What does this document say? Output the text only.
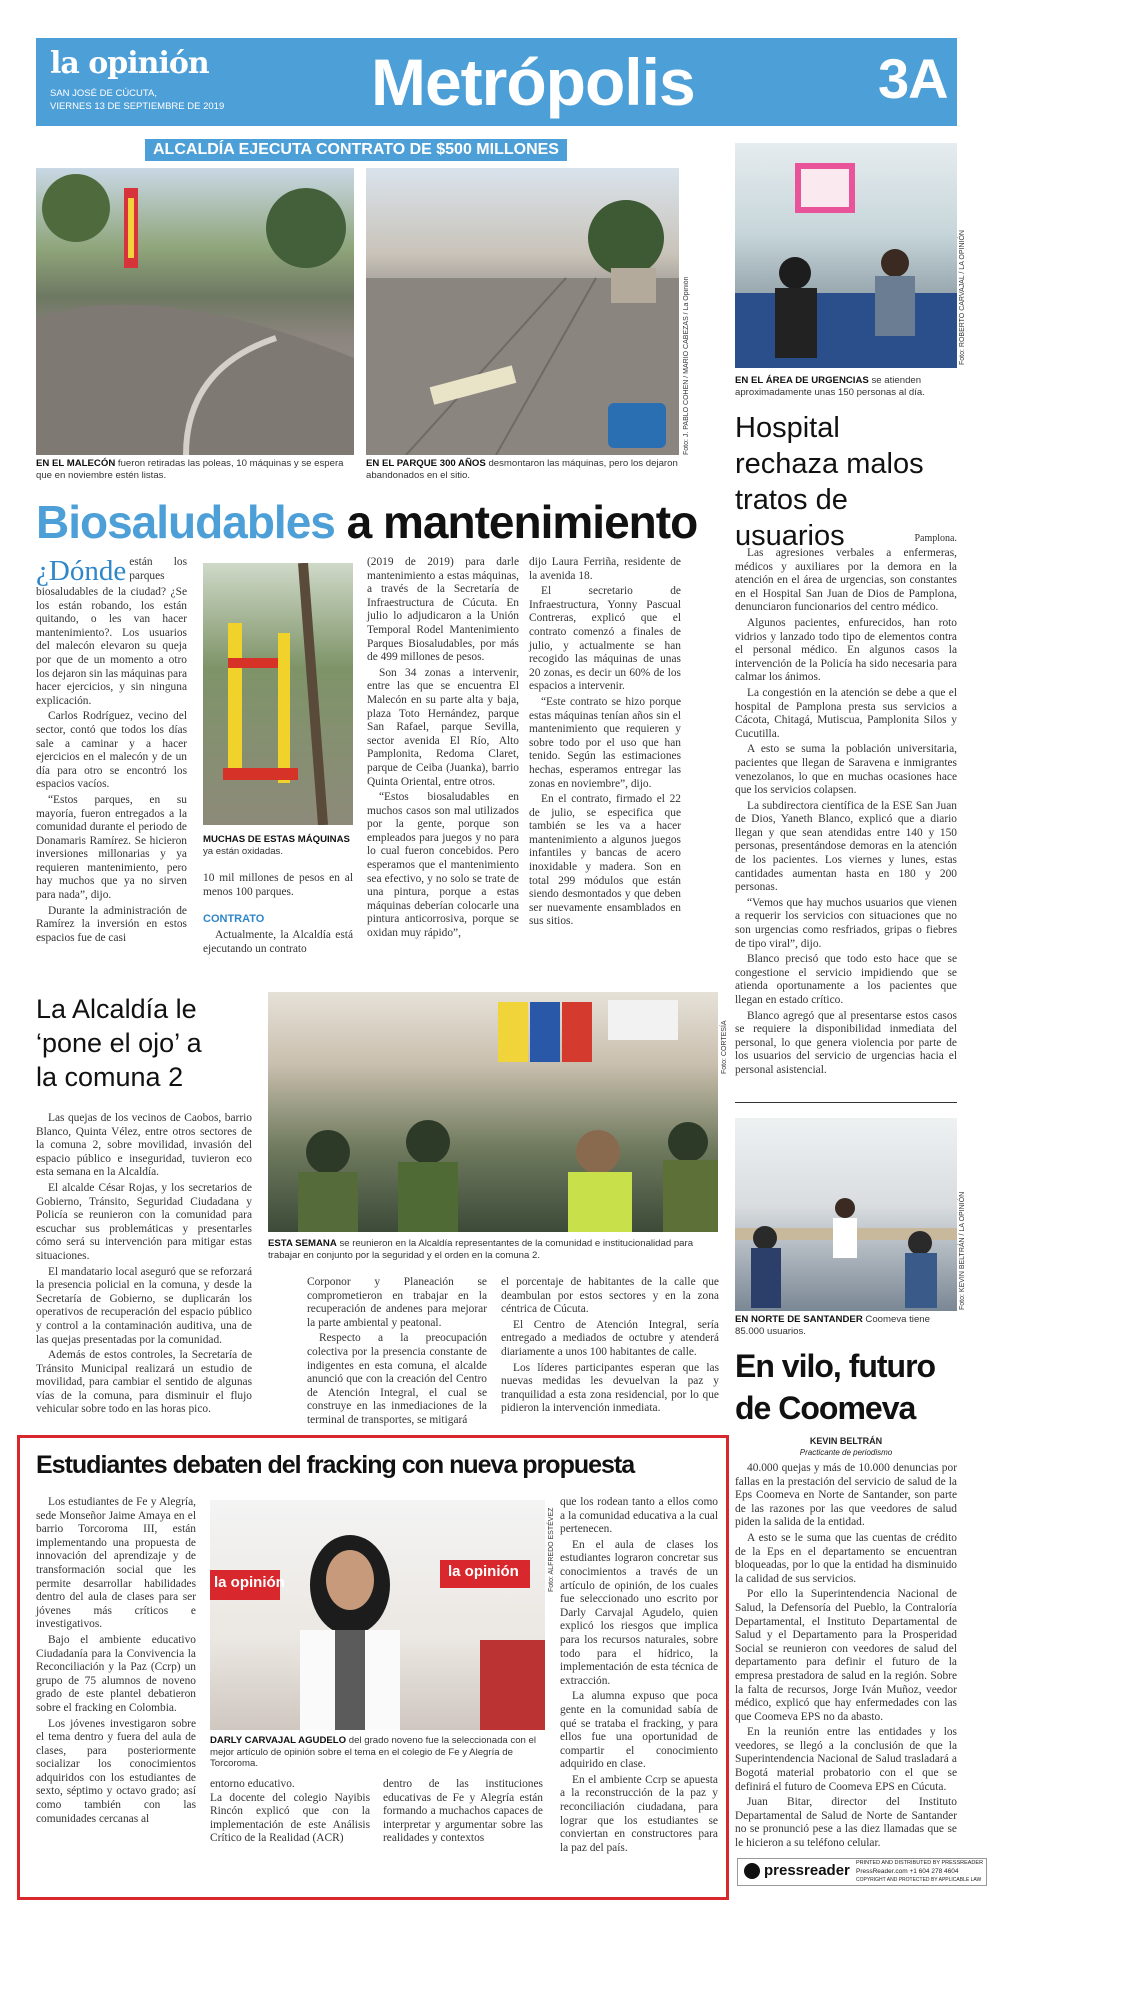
la opinión
SAN JOSÉ DE CÚCUTA,
VIERNES 13 DE SEPTIEMBRE DE 2019 Metrópolis	3A
ALCALDÍA EJECUTA CONTRATO DE $500 MILLONES
EN EL MALECÓN fueron retiradas las poleas, 10 máquinas y se espera que en noviembre estén listas.
Foto: J. PABLO COHEN / MARIO CABEZAS / La Opinión
EN EL PARQUE 300 AÑOS desmontaron las máquinas, pero los dejaron abandonados en el sitio.
Biosaludables a mantenimiento
¿Dónde están los parques biosaludables de la ciudad? ¿Se los están robando, los están quitando, o les van hacer mantenimiento?. Los usuarios del malecón elevaron su queja por que de un momento a otro los dejaron sin las máquinas para hacer ejercicios, y sin ninguna explicación.

Carlos Rodríguez, vecino del sector, contó que todos los días sale a caminar y a hacer ejercicios en el malecón y de un día para otro se encontró los espacios vacíos.

“Estos parques, en su mayoría, fueron entregados a la comunidad durante el periodo de Donamaris Ramírez. Se hicieron inversiones millonarias y ya requieren mantenimiento, pero hay muchos que ya no sirven para nada”, dijo.

Durante la administración de Ramírez la inversión en estos espacios fue de casi

MUCHAS DE ESTAS MÁQUINAS ya están oxidadas.

10 mil millones de pesos en al menos 100 parques.

CONTRATO

Actualmente, la Alcaldía está ejecutando un contrato

(2019 de 2019) para darle mantenimiento a estas máquinas, a través de la Secretaría de Infraestructura de Cúcuta. En julio lo adjudicaron a la Unión Temporal Rodel Mantenimiento Parques Biosaludables, por más de 499 millones de pesos.

Son 34 zonas a intervenir, entre las que se encuentra El Malecón en su parte alta y baja, plaza Toto Hernández, parque San Rafael, parque Sevilla, sector avenida El Río, Alto Pamplonita, Redoma Claret, parque de Ceiba (Juanka), barrio Quinta Oriental, entre otros.

“Estos biosaludables en muchos casos son mal utilizados por la gente, porque son empleados para juegos y no para lo cual fueron concebidos. Pero esperamos que el mantenimiento sea efectivo, y no solo se trate de una pintura, porque a estas máquinas deberían colocarle una pintura anticorrosiva, porque se oxidan muy rápido”,

dijo Laura Ferriña, residente de la avenida 18.

El secretario de Infraestructura, Yonny Pascual Contreras, explicó que el contrato comenzó a finales de julio, y actualmente se han recogido las máquinas de unas 20 zonas, es decir un 60% de los espacios a intervenir.

“Este contrato se hizo porque estas máquinas tenían años sin el mantenimiento que requieren y sobre todo por el uso que han tenido. Según las estimaciones hechas, esperamos entregar las zonas en noviembre”, dijo.

En el contrato, firmado el 22 de julio, se especifica que también se les va a hacer mantenimiento a algunos juegos infantiles y bancas de acero inoxidable y madera. Son en total 299 módulos que están siendo desmontados y que deben ser nuevamente ensamblados en sus sitios.

Foto: ROBERTO CARVAJAL / LA OPINIÓN
EN EL ÁREA DE URGENCIAS se atienden aproximadamente unas 150 personas al día.
Hospital rechaza malos tratos de usuarios	Pamplona.

Las agresiones verbales a enfermeras, médicos y auxiliares por la demora en la atención en el área de urgencias, son constantes en el Hospital San Juan de Dios de Pamplona, denunciaron funcionarios del centro médico.

Algunos pacientes, enfurecidos, han roto vidrios y lanzado todo tipo de elementos contra el personal médico. En algunos casos la intervención de la Policía ha sido necesaria para calmar los ánimos.

La congestión en la atención se debe a que el hospital de Pamplona presta sus servicios a Cácota, Chitagá, Mutiscua, Pamplonita Silos y Cucutilla.

A esto se suma la población universitaria, pacientes que llegan de Saravena e inmigrantes venezolanos, lo que en muchas ocasiones hace que los servicios colapsen.

La subdirectora científica de la ESE San Juan de Dios, Yaneth Blanco, explicó que a diario llegan y que sean atendidas entre 140 y 150 personas, presentándose demoras en la atención de los pacientes. Los viernes y lunes, estas cantidades aumentan hasta en 180 y 200 personas.

“Vemos que hay muchos usuarios que vienen a requerir los servicios con situaciones que no son urgencias como resfriados, gripas o fiebres de tipo viral”, dijo.

Blanco precisó que todo esto hace que se congestione el servicio impidiendo que se atienda oportunamente a los pacientes que llegan en estado crítico.

Blanco agregó que al presentarse estos casos se requiere la disponibilidad inmediata del personal, lo que genera violencia por parte de los usuarios del servicio de urgencias hacia el personal asistencial.

La Alcaldía le ‘pone el ojo’ a la comuna 2
Foto: CORTESÍA
ESTA SEMANA se reunieron en la Alcaldía representantes de la comunidad e institucionalidad para trabajar en conjunto por la seguridad y el orden en la comuna 2.

Las quejas de los vecinos de Caobos, barrio Blanco, Quinta Vélez, entre otros sectores de la comuna 2, sobre movilidad, invasión del espacio público e inseguridad, tuvieron eco esta semana en la Alcaldía.

El alcalde César Rojas, y los secretarios de Gobierno, Tránsito, Seguridad Ciudadana y Policía se reunieron con la comunidad para escuchar sus problemáticas y presentarles cómo será su intervención para mitigar estas situaciones.

El mandatario local aseguró que se reforzará la presencia policial en la comuna, y desde la Secretaría de Gobierno, se duplicarán los operativos de recuperación del espacio público y control a la contaminación auditiva, una de las quejas presentadas por la comunidad.

Además de estos controles, la Secretaría de Tránsito Municipal realizará un estudio de movilidad, para cambiar el sentido de algunas vías de la comuna, para disminuir el flujo vehicular sobre todo en las horas pico.

Corponor y Planeación se comprometieron en trabajar en la recuperación de andenes para mejorar la parte ambiental y peatonal.

Respecto a la preocupación colectiva por la presencia constante de indigentes en esta comuna, el alcalde anunció que con la creación del Centro de Atención Integral, el cual se construye en las inmediaciones de la terminal de transportes, se mitigará

el porcentaje de habitantes de la calle que deambulan por estos sectores y en la zona céntrica de Cúcuta.

El Centro de Atención Integral, sería entregado a mediados de octubre y atenderá diariamente a unos 100 habitantes de calle.

Los líderes participantes esperan que las nuevas medidas les devuelvan la paz y tranquilidad a esta zona residencial, por lo que pidieron la intervención inmediata.

Foto: KEVIN BELTRÁN / LA OPINIÓN
EN NORTE DE SANTANDER Coomeva tiene 85.000 usuarios.
En vilo, futuro de Coomeva
KEVIN BELTRÁN
Practicante de periodismo

40.000 quejas y más de 10.000 denuncias por fallas en la prestación del servicio de salud de la Eps Coomeva en Norte de Santander, son parte de las razones por las que veedores de salud piden la salida de la entidad.

A esto se le suma que las cuentas de crédito de la Eps en el departamento se encuentran bloqueadas, por lo que la entidad ha disminuido la calidad de sus servicios.

Por ello la Superintendencia Nacional de Salud, la Defensoría del Pueblo, la Contraloría Departamental, el Instituto Departamental de Salud y el Departamento para la Prosperidad Social se reunieron con veedores de salud del departamento para definir el futuro de la empresa prestadora de salud en la región. Sobre la falta de recursos, Jorge Iván Muñoz, veedor médico, explicó que hay enfermedades con las que Coomeva EPS no da abasto.

En la reunión entre las entidades y los veedores, se llegó a la conclusión de que la Superintendencia Nacional de Salud trasladará a Bogotá material probatorio con el que se definirá el futuro de Coomeva EPS en Cúcuta.

Juan Bitar, director del Instituto Departamental de Salud de Norte de Santander no se pronunció pese a las diez llamadas que se le hicieron a su teléfono celular.

Estudiantes debaten del fracking con nueva propuesta

Los estudiantes de Fe y Alegría, sede Monseñor Jaime Amaya en el barrio Torcoroma III, están implementando una propuesta de innovación del aprendizaje y de transformación social que les permite desarrollar habilidades dentro del aula de clases para ser jóvenes más críticos e investigativos.

Bajo el ambiente educativo Ciudadanía para la Convivencia la Reconciliación y la Paz (Ccrp) un grupo de 75 alumnos de noveno grado de este plantel debatieron sobre el fracking en Colombia.

Los jóvenes investigaron sobre el tema dentro y fuera del aula de clases, para posteriormente socializar los conocimientos adquiridos con los estudiantes de sexto, séptimo y octavo grado; así como también con las comunidades cercanas al

la opinión
la opinión	Foto: ALFREDO ESTÉVEZ
DARLY CARVAJAL AGUDELO del grado noveno fue la seleccionada con el mejor artículo de opinión sobre el tema en el colegio de Fe y Alegría de Torcoroma.
entorno educativo.
La docente del colegio Nayibis Rincón explicó que con la implementación de este Análisis Crítico de la Realidad (ACR)
dentro de las instituciones educativas de Fe y Alegría están formando a muchachos capaces de interpretar y argumentar sobre las realidades y contextos

que los rodean tanto a ellos como a la comunidad educativa a la cual pertenecen.

En el aula de clases los estudiantes lograron concretar sus conocimientos a través de un artículo de opinión, de los cuales fue seleccionado uno escrito por Darly Carvajal Agudelo, quien explicó los riesgos que implica para los recursos naturales, sobre todo para el hídrico, la implementación de esta técnica de extracción.

La alumna expuso que poca gente en la comunidad sabía de qué se trataba el fracking, y para ellos fue una oportunidad de compartir el conocimiento adquirido en clase.

En el ambiente Ccrp se apuesta a la reconstrucción de la paz y reconciliación ciudadana, para lograr que los estudiantes se conviertan en constructores para la paz del país.

pressreader PRINTED AND DISTRIBUTED BY PRESSREADER
PressReader.com +1 604 278 4604
COPYRIGHT AND PROTECTED BY APPLICABLE LAW
